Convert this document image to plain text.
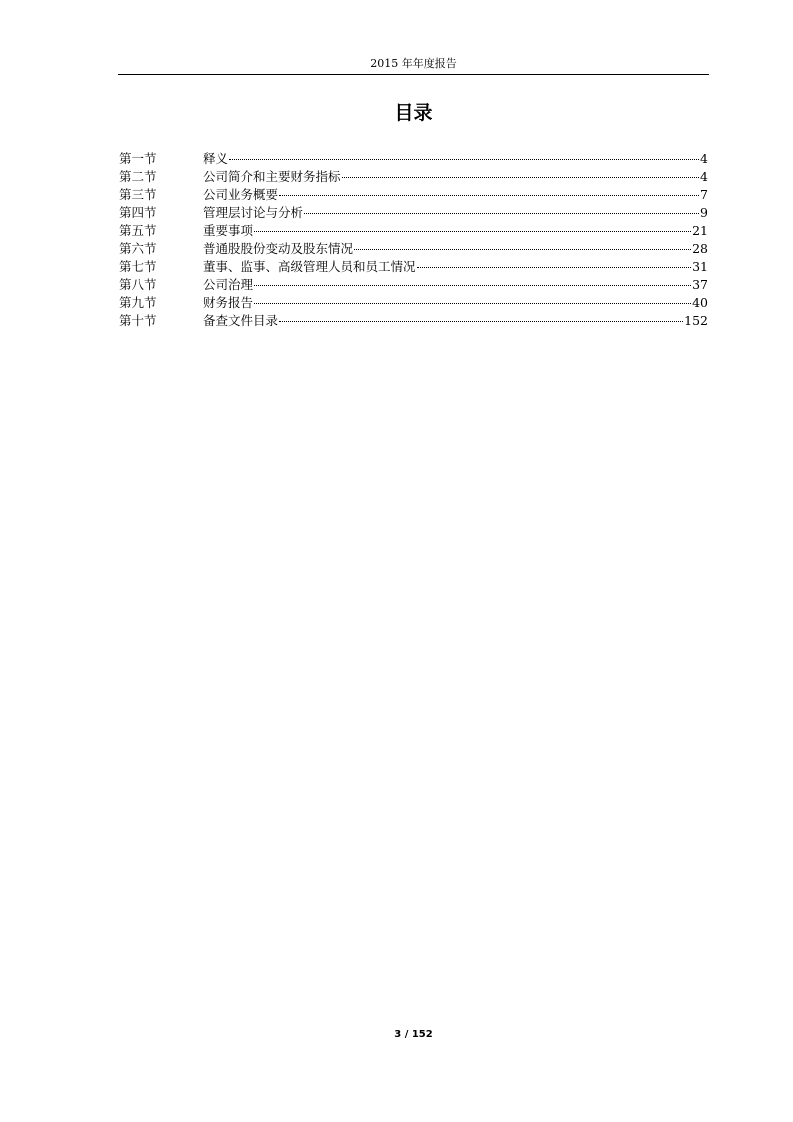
2015 年年度报告
目录
第一节	释义	4
第二节	公司简介和主要财务指标	4
第三节	公司业务概要	7
第四节	管理层讨论与分析	9
第五节	重要事项	21
第六节	普通股股份变动及股东情况	28
第七节	董事、监事、高级管理人员和员工情况	31
第八节	公司治理	37
第九节	财务报告	40
第十节	备查文件目录	152
3 / 152
